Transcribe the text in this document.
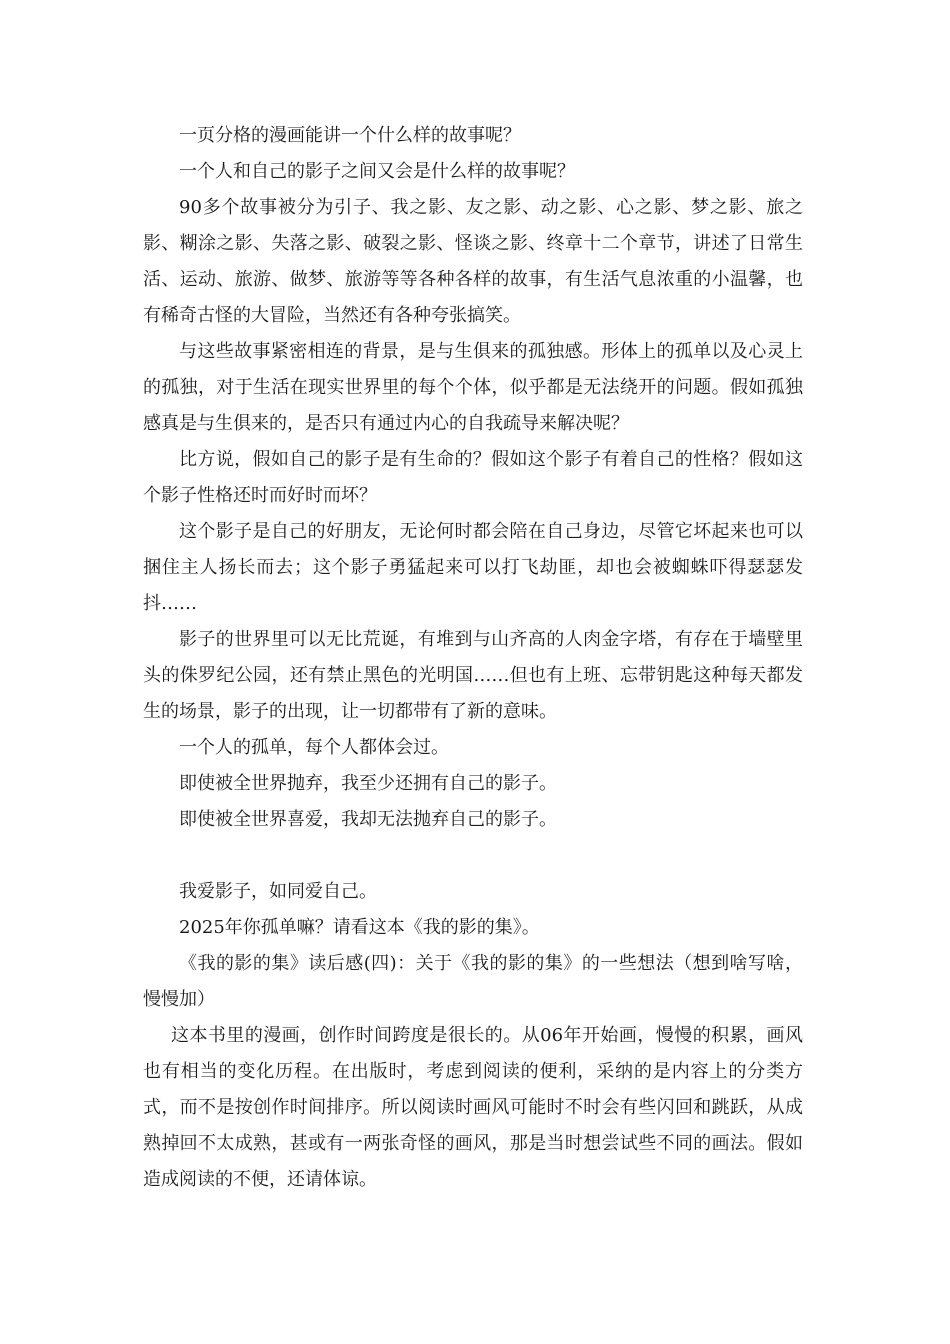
一页分格的漫画能讲一个什么样的故事呢？

一个人和自己的影子之间又会是什么样的故事呢？

90多个故事被分为引子、我之影、友之影、动之影、心之影、梦之影、旅之影、糊涂之影、失落之影、破裂之影、怪谈之影、终章十二个章节，讲述了日常生活、运动、旅游、做梦、旅游等等各种各样的故事，有生活气息浓重的小温馨，也有稀奇古怪的大冒险，当然还有各种夸张搞笑。

与这些故事紧密相连的背景，是与生俱来的孤独感。形体上的孤单以及心灵上的孤独，对于生活在现实世界里的每个个体，似乎都是无法绕开的问题。假如孤独感真是与生俱来的，是否只有通过内心的自我疏导来解决呢？

比方说，假如自己的影子是有生命的？假如这个影子有着自己的性格？假如这个影子性格还时而好时而坏？

这个影子是自己的好朋友，无论何时都会陪在自己身边，尽管它坏起来也可以捆住主人扬长而去；这个影子勇猛起来可以打飞劫匪，却也会被蜘蛛吓得瑟瑟发抖……

影子的世界里可以无比荒诞，有堆到与山齐高的人肉金字塔，有存在于墙壁里头的侏罗纪公园，还有禁止黑色的光明国……但也有上班、忘带钥匙这种每天都发生的场景，影子的出现，让一切都带有了新的意味。

一个人的孤单，每个人都体会过。

即使被全世界抛弃，我至少还拥有自己的影子。

即使被全世界喜爱，我却无法抛弃自己的影子。

我爱影子，如同爱自己。

2025年你孤单嘛？请看这本《我的影的集》。

《我的影的集》读后感(四)：关于《我的影的集》的一些想法（想到啥写啥，慢慢加）

这本书里的漫画，创作时间跨度是很长的。从06年开始画，慢慢的积累，画风也有相当的变化历程。在出版时，考虑到阅读的便利，采纳的是内容上的分类方式，而不是按创作时间排序。所以阅读时画风可能时不时会有些闪回和跳跃，从成熟掉回不太成熟，甚或有一两张奇怪的画风，那是当时想尝试些不同的画法。假如造成阅读的不便，还请体谅。
